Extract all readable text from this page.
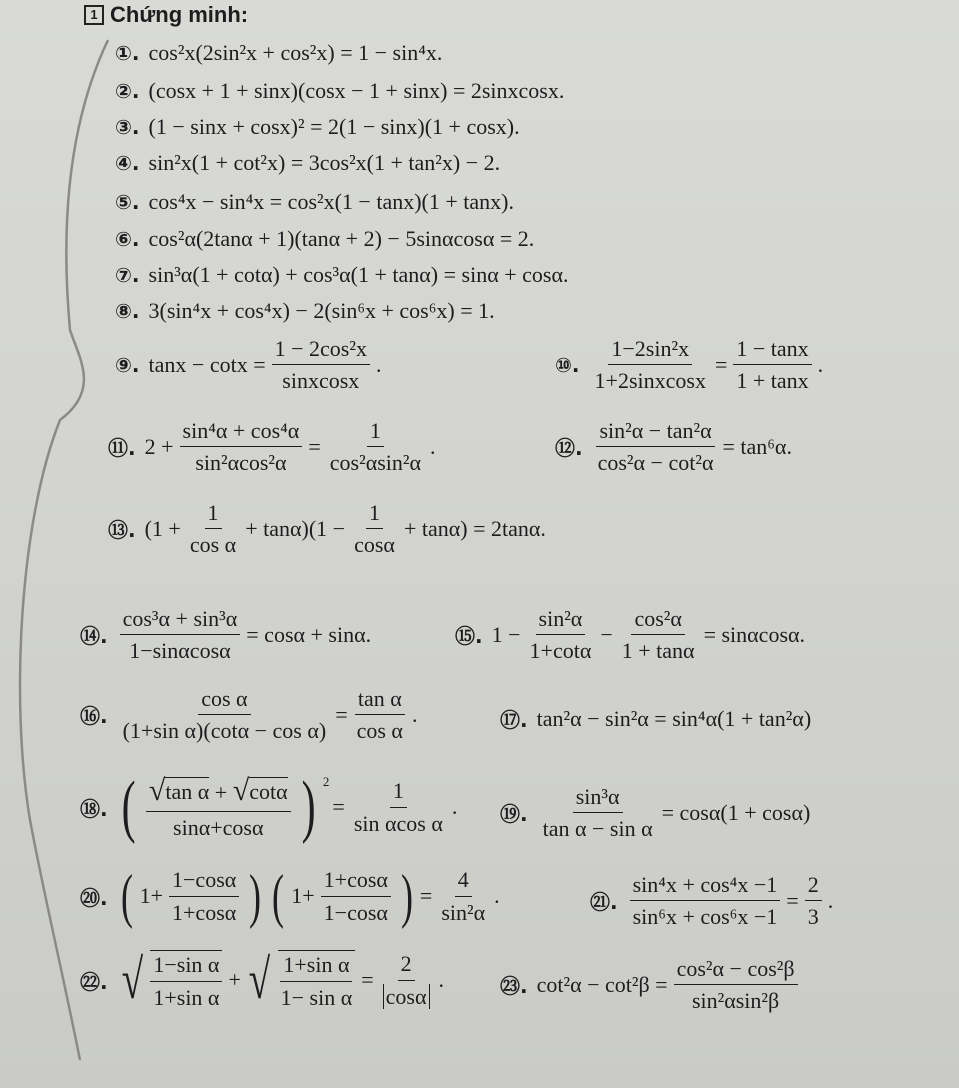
1 Chứng minh:
①. cos²x(2sin²x + cos²x) = 1 − sin⁴x.
②. (cosx + 1 + sinx)(cosx − 1 + sinx) = 2sinxcosx.
③. (1 − sinx + cosx)² = 2(1 − sinx)(1 + cosx).
④. sin²x(1 + cot²x) = 3cos²x(1 + tan²x) − 2.
⑤. cos⁴x − sin⁴x = cos²x(1 − tanx)(1 + tanx).
⑥. cos²α(2tanα + 1)(tanα + 2) − 5sinαcosα = 2.
⑦. sin³α(1 + cotα) + cos³α(1 + tanα) = sinα + cosα.
⑧. 3(sin⁴x + cos⁴x) − 2(sin⁶x + cos⁶x) = 1.
⑨. $\tan x - \cot x = \frac{\text{1 − 2cos²x}}{\text{sinxcosx}}$ .	⑩. $\frac{\text{1−2sin²x}}{\text{1+2sinxcosx}} = \frac{1 - \tan x}{1 + \tan x}$ .
⑪. $2 + \frac{\text{sin⁴α + cos⁴α}}{\text{sin²αcos²α}} = \frac{1}{\text{cos²αsin²α}}$ .	⑫. $\frac{\text{sin²α − tan²α}}{\text{cos²α − cot²α}} = \tan^6\alpha$.
⑬. $(1 + \frac{1}{\text{cos α}} + \tan\alpha)(1 - \frac{1}{\cos\alpha} + \tan\alpha) = 2\tan\alpha$.
⑭. $\frac{\text{cos³α + sin³α}}{1-\sin\alpha\cos\alpha} = \cos\alpha + \sin\alpha$.	⑮. $1 - \frac{\text{sin²α}}{1+\cot\alpha} - \frac{\text{cos²α}}{1 + \tan\alpha} = \sin\alpha\cos\alpha$.
⑯. $\frac{\text{cos α}}{\text{(1+sin α)(cotα − cos α)}} = \frac{\text{tan α}}{\text{cos α}}$ .	⑰. tan²α − sin²α = sin⁴α(1 + tan²α)
⑱. ( $\frac{\text{√ tan α + √ cotα}}{\sin\alpha+\cos\alpha}$ ) $^2$
= $\frac{1}{\text{sin αcos α}}$ . ⑲. $\frac{\text{sin³α}}{\text{tan α − sin α}} = \cos\alpha(1 + \cos\alpha)$
⑳. ( $1+ \frac{1-\cos\alpha}{1+\cos\alpha}$ ) ( $1+ \frac{1+\cos\alpha}{1-\cos\alpha}$ ) = $\frac{4}{\text{sin²α}}$ .	㉑. $\frac{\text{sin⁴x + cos⁴x −1}}{\text{sin⁶x + cos⁶x −1}} = \frac{2}{3}$ .
㉒. √ $\frac{\text{1−sin α}}{\text{1+sin α}}$ + √ $\frac{\text{1+sin α}}{\text{1− sin α}} = \frac{2}{\cos\alpha}$ .	㉓. $\cot^2\alpha - \cot^2\beta = \frac{\text{cos²α − cos²β}}{\text{sin²αsin²β}}$
